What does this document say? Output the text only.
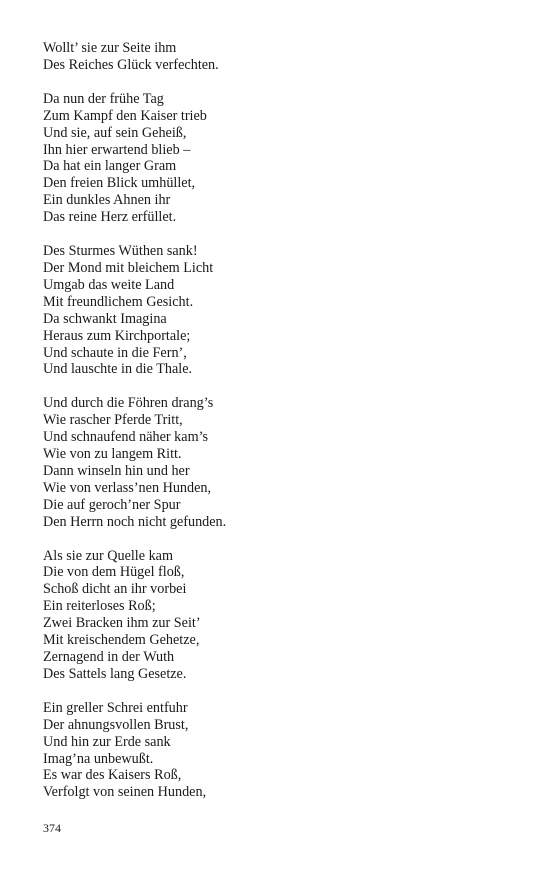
Wollt’ sie zur Seite ihm
Des Reiches Glück verfechten.
Da nun der frühe Tag
Zum Kampf den Kaiser trieb
Und sie, auf sein Geheiß,
Ihn hier erwartend blieb –
Da hat ein langer Gram
Den freien Blick umhüllet,
Ein dunkles Ahnen ihr
Das reine Herz erfüllet.
Des Sturmes Wüthen sank!
Der Mond mit bleichem Licht
Umgab das weite Land
Mit freundlichem Gesicht.
Da schwankt Imagina
Heraus zum Kirchportale;
Und schaute in die Fern’,
Und lauschte in die Thale.
Und durch die Föhren drang’s
Wie rascher Pferde Tritt,
Und schnaufend näher kam’s
Wie von zu langem Ritt.
Dann winseln hin und her
Wie von verlass’nen Hunden,
Die auf geroch’ner Spur
Den Herrn noch nicht gefunden.
Als sie zur Quelle kam
Die von dem Hügel floß,
Schoß dicht an ihr vorbei
Ein reiterloses Roß;
Zwei Bracken ihm zur Seit’
Mit kreischendem Gehetze,
Zernagend in der Wuth
Des Sattels lang Gesetze.
Ein greller Schrei entfuhr
Der ahnungsvollen Brust,
Und hin zur Erde sank
Imag’na unbewußt.
Es war des Kaisers Roß,
Verfolgt von seinen Hunden,
374
